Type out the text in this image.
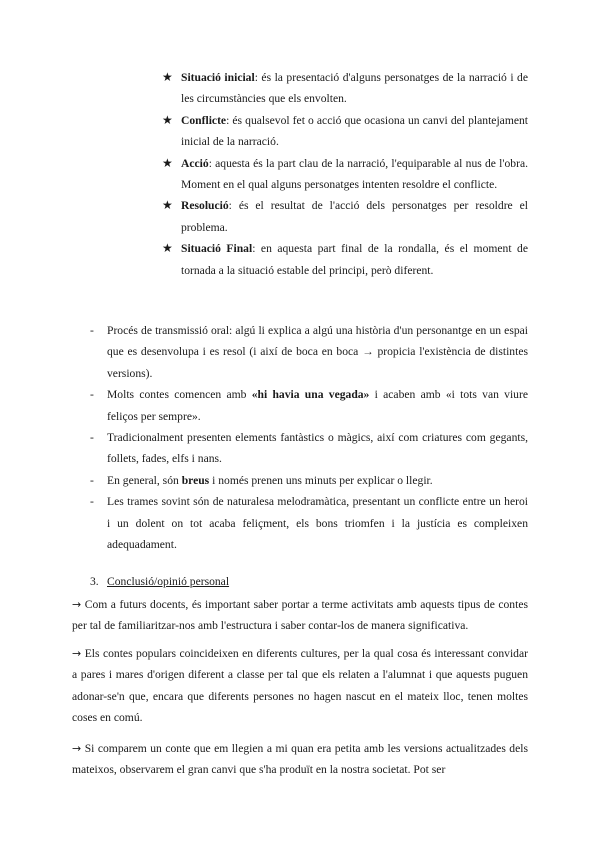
★ Situació inicial: és la presentació d'alguns personatges de la narració i de les circumstàncies que els envolten.
★ Conflicte: és qualsevol fet o acció que ocasiona un canvi del plantejament inicial de la narració.
★ Acció: aquesta és la part clau de la narració, l'equiparable al nus de l'obra. Moment en el qual alguns personatges intenten resoldre el conflicte.
★ Resolució: és el resultat de l'acció dels personatges per resoldre el problema.
★ Situació Final: en aquesta part final de la rondalla, és el moment de tornada a la situació estable del principi, però diferent.
- Procés de transmissió oral: algú li explica a algú una història d'un personantge en un espai que es desenvolupa i es resol (i així de boca en boca → propicia l'existència de distintes versions).
- Molts contes comencen amb «hi havia una vegada» i acaben amb «i tots van viure feliços per sempre».
- Tradicionalment presenten elements fantàstics o màgics, així com criatures com gegants, follets, fades, elfs i nans.
- En general, són breus i només prenen uns minuts per explicar o llegir.
- Les trames sovint són de naturalesa melodramàtica, presentant un conflicte entre un heroi i un dolent on tot acaba feliçment, els bons triomfen i la justícia es compleixen adequadament.
3. Conclusió/opinió personal

→ Com a futurs docents, és important saber portar a terme activitats amb aquests tipus de contes per tal de familiaritzar-nos amb l'estructura i saber contar-los de manera significativa.

→ Els contes populars coincideixen en diferents cultures, per la qual cosa és interessant convidar a pares i mares d'origen diferent a classe per tal que els relaten a l'alumnat i que aquests puguen adonar-se'n que, encara que diferents persones no hagen nascut en el mateix lloc, tenen moltes coses en comú.

→ Si comparem un conte que em llegien a mi quan era petita amb les versions actualitzades dels mateixos, observarem el gran canvi que s'ha produït en la nostra societat. Pot ser
